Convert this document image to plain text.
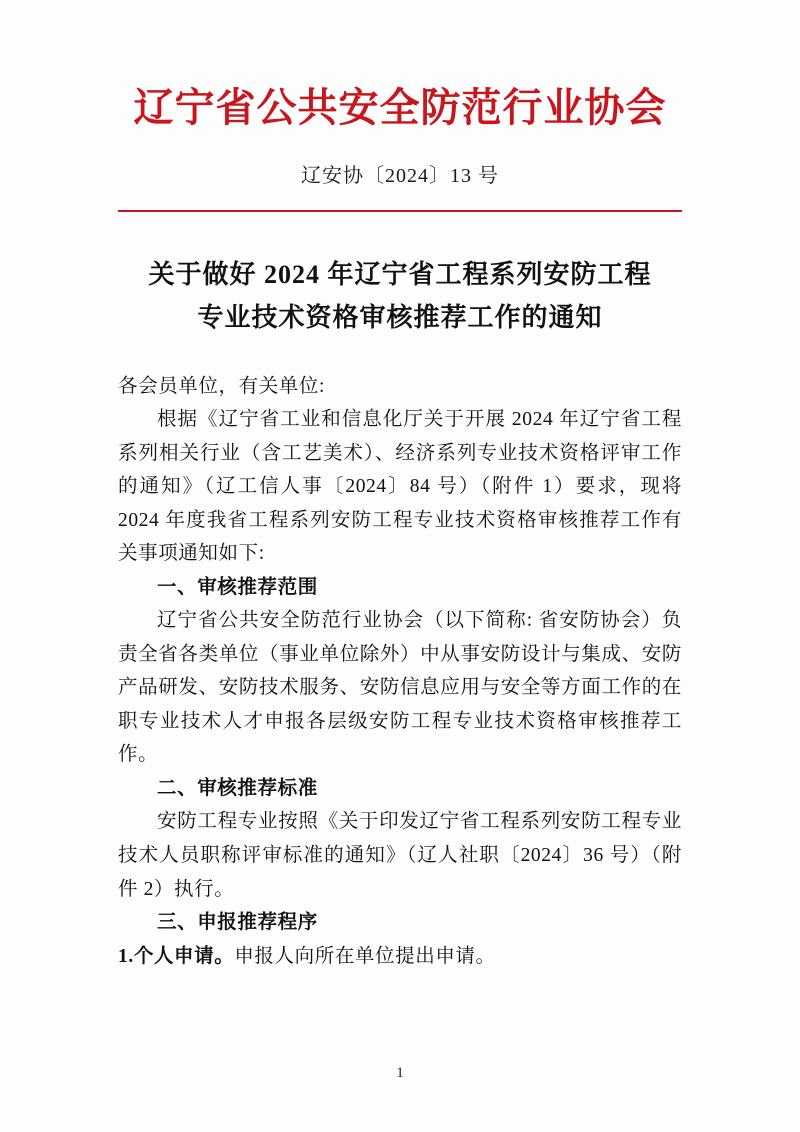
辽宁省公共安全防范行业协会
辽安协〔2024〕13 号
关于做好 2024 年辽宁省工程系列安防工程
专业技术资格审核推荐工作的通知

各会员单位，有关单位:

根据《辽宁省工业和信息化厅关于开展 2024 年辽宁省工程系列相关行业（含工艺美术）、经济系列专业技术资格评审工作的通知》（辽工信人事〔2024〕84 号）（附件 1）要求，现将 2024 年度我省工程系列安防工程专业技术资格审核推荐工作有关事项通知如下:

一、审核推荐范围

辽宁省公共安全防范行业协会（以下简称: 省安防协会）负责全省各类单位（事业单位除外）中从事安防设计与集成、安防产品研发、安防技术服务、安防信息应用与安全等方面工作的在职专业技术人才申报各层级安防工程专业技术资格审核推荐工作。

二、审核推荐标准

安防工程专业按照《关于印发辽宁省工程系列安防工程专业技术人员职称评审标准的通知》（辽人社职〔2024〕36 号）（附件 2）执行。

三、申报推荐程序

1.个人申请。申报人向所在单位提出申请。

1
